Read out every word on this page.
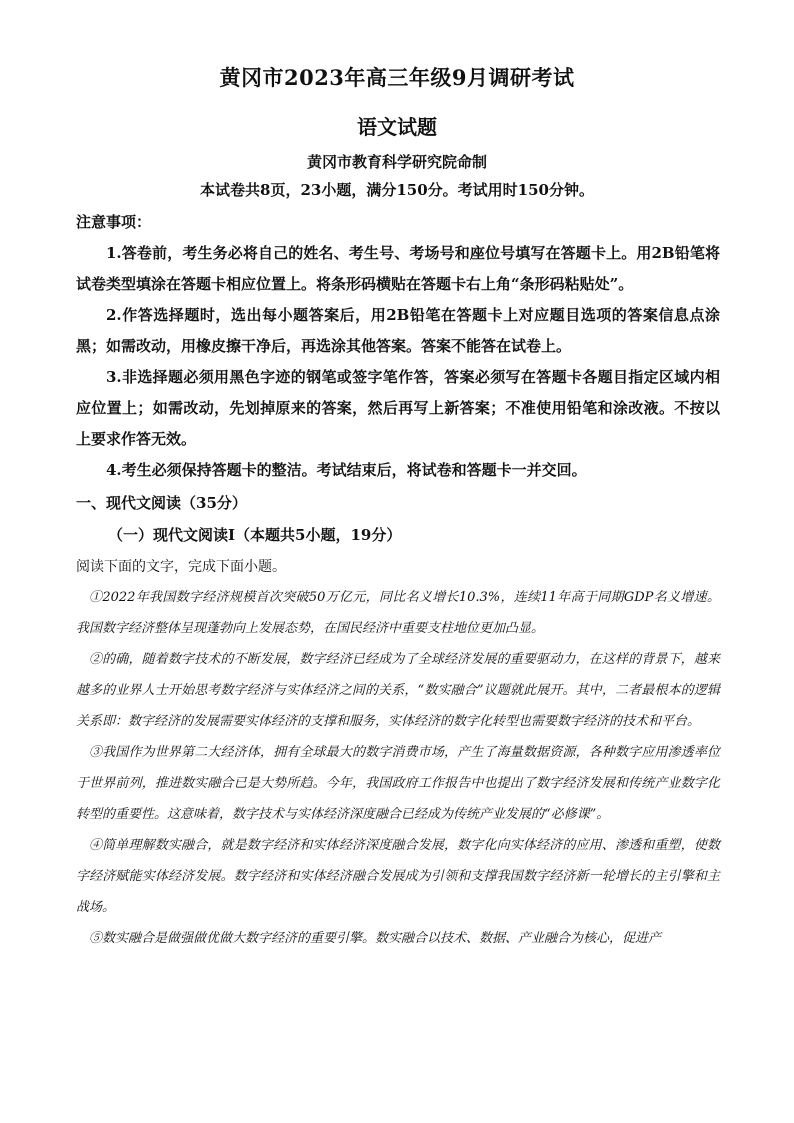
黄冈市2023年高三年级9月调研考试
语文试题
黄冈市教育科学研究院命制
本试卷共8页，23小题，满分150分。考试用时150分钟。
注意事项：

1.答卷前，考生务必将自己的姓名、考生号、考场号和座位号填写在答题卡上。用2B铅笔将试卷类型填涂在答题卡相应位置上。将条形码横贴在答题卡右上角“条形码粘贴处”。

2.作答选择题时，选出每小题答案后，用2B铅笔在答题卡上对应题目选项的答案信息点涂黑；如需改动，用橡皮擦干净后，再选涂其他答案。答案不能答在试卷上。

3.非选择题必须用黑色字迹的钢笔或签字笔作答，答案必须写在答题卡各题目指定区域内相应位置上；如需改动，先划掉原来的答案，然后再写上新答案；不准使用铅笔和涂改液。不按以上要求作答无效。

4.考生必须保持答题卡的整洁。考试结束后，将试卷和答题卡一并交回。

一、现代文阅读（35分）
（一）现代文阅读Ⅰ（本题共5小题，19分）
阅读下面的文字，完成下面小题。

①2022年我国数字经济规模首次突破50万亿元，同比名义增长10.3%，连续11年高于同期GDP名义增速。我国数字经济整体呈现蓬勃向上发展态势，在国民经济中重要支柱地位更加凸显。

②的确，随着数字技术的不断发展，数字经济已经成为了全球经济发展的重要驱动力，在这样的背景下，越来越多的业界人士开始思考数字经济与实体经济之间的关系，“数实融合”议题就此展开。其中，二者最根本的逻辑关系即：数字经济的发展需要实体经济的支撑和服务，实体经济的数字化转型也需要数字经济的技术和平台。

③我国作为世界第二大经济体，拥有全球最大的数字消费市场，产生了海量数据资源，各种数字应用渗透率位于世界前列，推进数实融合已是大势所趋。今年，我国政府工作报告中也提出了数字经济发展和传统产业数字化转型的重要性。这意味着，数字技术与实体经济深度融合已经成为传统产业发展的“必修课”。

④简单理解数实融合，就是数字经济和实体经济深度融合发展，数字化向实体经济的应用、渗透和重塑，使数字经济赋能实体经济发展。数字经济和实体经济融合发展成为引领和支撑我国数字经济新一轮增长的主引擎和主战场。

⑤数实融合是做强做优做大数字经济的重要引擎。数实融合以技术、数据、产业融合为核心，促进产
